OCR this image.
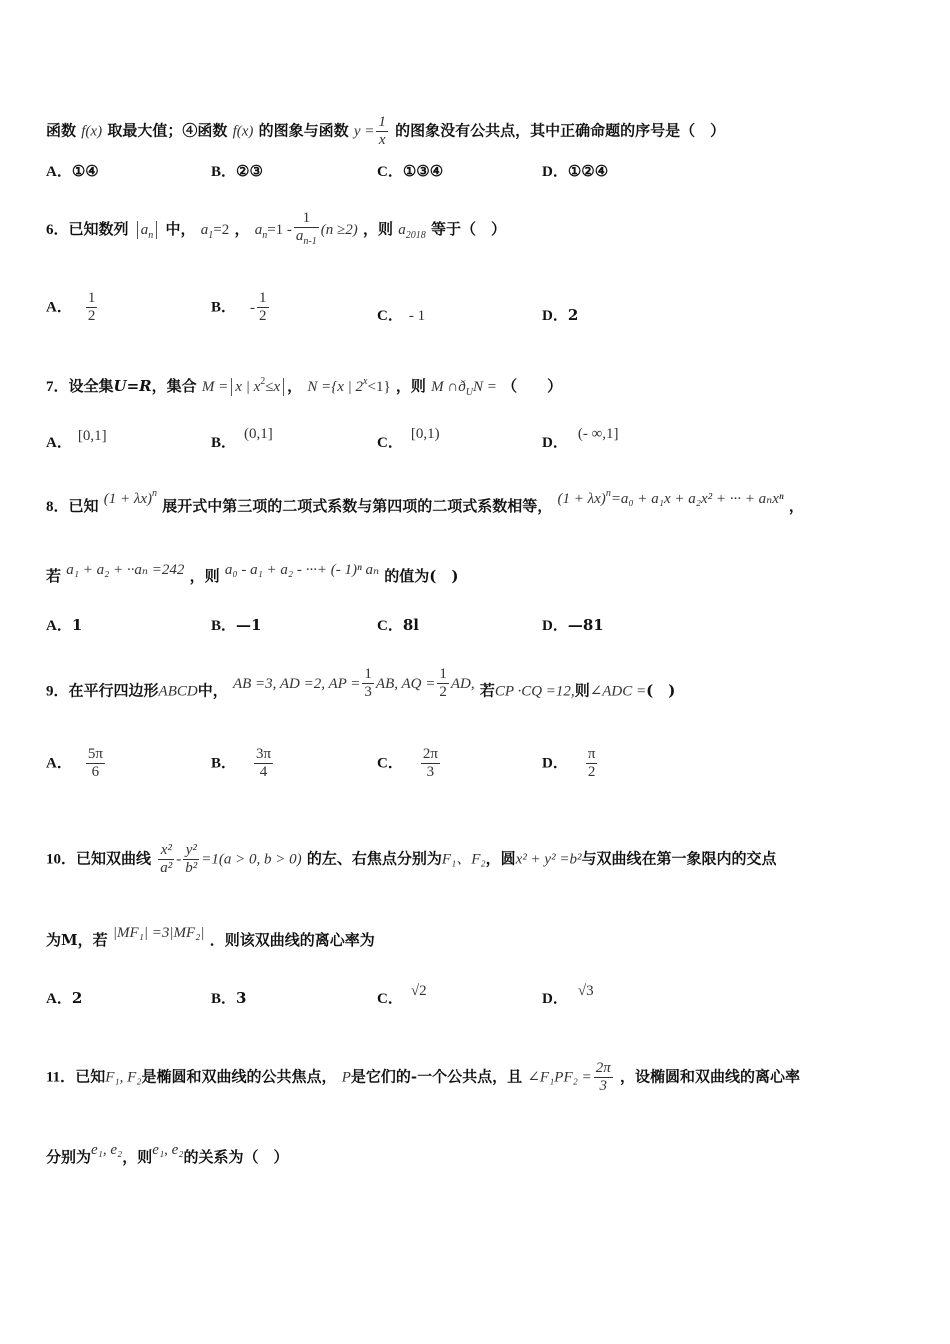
函数 f(x) 取最大值；④函数 f(x) 的图象与函数 $y = \frac{1}{x}$ 的图象没有公共点，其中正确命题的序号是（　）
A．①④	B．②③	C．①③④	D．①②④
6．已知数列 $a_n$ 中， $a_1=2$ ， $a_n=1 - \frac{1}{a_{n-1}} (n \ge 2)$ ，则 $a_{2018}$ 等于（　）
A． $\frac{1}{2}$	B． - $\frac{1}{2}$	C． - 1	D．2
7．设全集U=R，集合 M = x | $x^2\le x$ ， N ={x | $2^x<1$} ，则 M $\cap ð_UN$ = （　　）
A． [0,1]	B．(0,1]
C．[0,1)
D．(- ∞,1]
8．已知 $(1 + \lambda x)^n$ 展开式中第三项的二项式系数与第四项的二项式系数相等， $(1 + \lambda x)^n=a_0 + a_1x + a_2x^2$ + ··· + aₙxⁿ ，
若 a₁ + a₂ + ··aₙ =242 ，则 a₀ - a₁ + a₂ - ···+ (- 1)ⁿ aₙ 的值为(　)
A．1	B．—1	C．8l	D．—81
9．在平行四边形ABCD中， AB =3, AD =2, AP = $\frac{1}{3}$ AB, AQ = $\frac{1}{2}$ AD, 若CP ·CQ =12,则∠ADC =(　)
A． $\frac{5\pi}{6}$	B． $\frac{3\pi}{4}$	C． $\frac{2\pi}{3}$	D． $\frac{\pi}{2}$
10．已知双曲线 $\frac{\text{x²}}{\text{a²}} - \frac{\text{y²}}{\text{b²}} =1(a > 0$, b > 0) 的左、右焦点分别为F₁、F₂，圆x² + y² =b²与双曲线在第一象限内的交点
为M，若 |MF₁| =3|MF₂| ．则该双曲线的离心率为
A．2	B．3	C． √2	D． √3
11．已知F₁, F₂是椭圆和双曲线的公共焦点， P是它们的-一个公共点，且 ∠F₁PF₂ = $\frac{2\pi}{3}$ ，设椭圆和双曲线的离心率
分别为e₁, e₂，则e₁, e₂的关系为（　）
